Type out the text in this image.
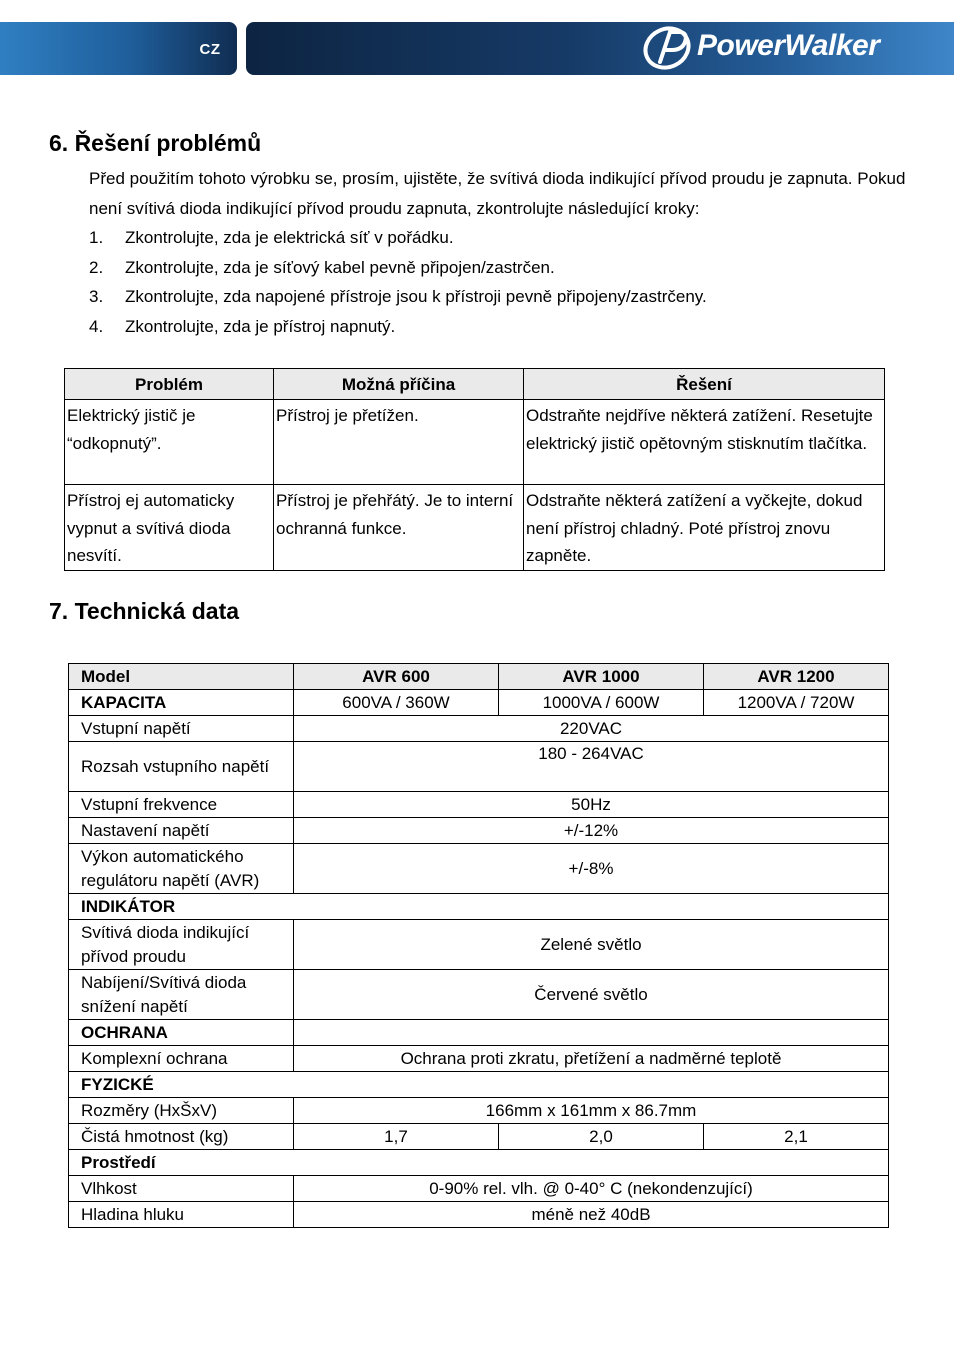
CZ	PowerWalker
6. Řešení problémů
Před použitím tohoto výrobku se, prosím, ujistěte, že svítivá dioda indikující přívod proudu je zapnuta. Pokud není svítivá dioda indikující přívod proudu zapnuta, zkontrolujte následující kroky:
1.	Zkontrolujte, zda je elektrická síť v pořádku.
2.	Zkontrolujte, zda je síťový kabel pevně připojen/zastrčen.
3.	Zkontrolujte, zda napojené přístroje jsou k přístroji pevně připojeny/zastrčeny.
4.	Zkontrolujte, zda je přístroj napnutý.
Problém	Možná příčina	Řešení
Elektrický jistič je “odkopnutý”.	Přístroj je přetížen.	Odstraňte nejdříve některá zatížení. Resetujte elektrický jistič opětovným stisknutím tlačítka.
Přístroj ej automaticky vypnut a svítivá dioda nesvítí.	Přístroj je přehřátý. Je to interní ochranná funkce.	Odstraňte některá zatížení a vyčkejte, dokud není přístroj chladný. Poté přístroj znovu zapněte.
7. Technická data
Model	AVR 600	AVR 1000	AVR 1200
KAPACITA	600VA / 360W	1000VA / 600W	1200VA / 720W
Vstupní napětí	220VAC		
Rozsah vstupního napětí	180 - 264VAC		
Vstupní frekvence	50Hz		
Nastavení napětí	+/-12%		
Výkon automatického regulátoru napětí (AVR)	+/-8%		
INDIKÁTOR			
Svítivá dioda indikující přívod proudu	Zelené světlo		
Nabíjení/Svítivá dioda snížení napětí	Červené světlo		
OCHRANA			
Komplexní ochrana	Ochrana proti zkratu, přetížení a nadměrné teplotě		
FYZICKÉ			
Rozměry (HxŠxV)	166mm x 161mm x 86.7mm		
Čistá hmotnost (kg)	1,7	2,0	2,1
Prostředí			
Vlhkost	0-90% rel. vlh. @ 0-40° C (nekondenzující)		
Hladina hluku	méně než 40dB		
